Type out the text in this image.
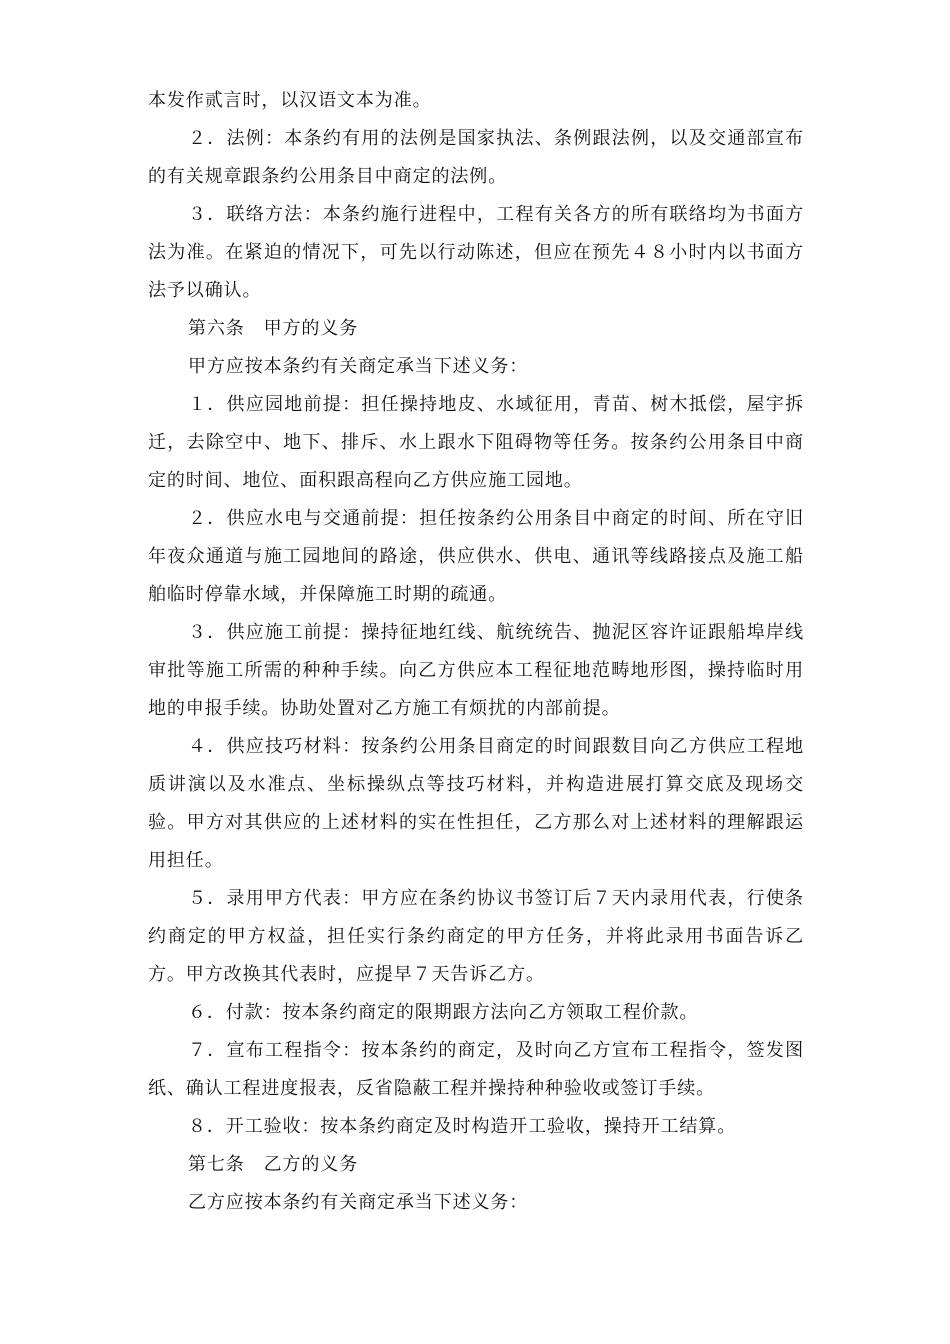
本发作贰言时，以汉语文本为准。

２．法例：本条约有用的法例是国家执法、条例跟法例，以及交通部宣布的有关规章跟条约公用条目中商定的法例。

３．联络方法：本条约施行进程中，工程有关各方的所有联络均为书面方法为准。在紧迫的情况下，可先以行动陈述，但应在预先４８小时内以书面方法予以确认。

第六条　甲方的义务

甲方应按本条约有关商定承当下述义务：

１．供应园地前提：担任操持地皮、水域征用，青苗、树木抵偿，屋宇拆迁，去除空中、地下、排斥、水上跟水下阻碍物等任务。按条约公用条目中商定的时间、地位、面积跟高程向乙方供应施工园地。

２．供应水电与交通前提：担任按条约公用条目中商定的时间、所在守旧年夜众通道与施工园地间的路途，供应供水、供电、通讯等线路接点及施工船舶临时停靠水域，并保障施工时期的疏通。

３．供应施工前提：操持征地红线、航统统告、抛泥区容许证跟船埠岸线审批等施工所需的种种手续。向乙方供应本工程征地范畴地形图，操持临时用地的申报手续。协助处置对乙方施工有烦扰的内部前提。

４．供应技巧材料：按条约公用条目商定的时间跟数目向乙方供应工程地质讲演以及水准点、坐标操纵点等技巧材料，并构造进展打算交底及现场交验。甲方对其供应的上述材料的实在性担任，乙方那么对上述材料的理解跟运用担任。

５．录用甲方代表：甲方应在条约协议书签订后７天内录用代表，行使条约商定的甲方权益，担任实行条约商定的甲方任务，并将此录用书面告诉乙方。甲方改换其代表时，应提早７天告诉乙方。

６．付款：按本条约商定的限期跟方法向乙方领取工程价款。

７．宣布工程指令：按本条约的商定，及时向乙方宣布工程指令，签发图纸、确认工程进度报表，反省隐蔽工程并操持种种验收或签订手续。

８．开工验收：按本条约商定及时构造开工验收，操持开工结算。

第七条　乙方的义务

乙方应按本条约有关商定承当下述义务：
